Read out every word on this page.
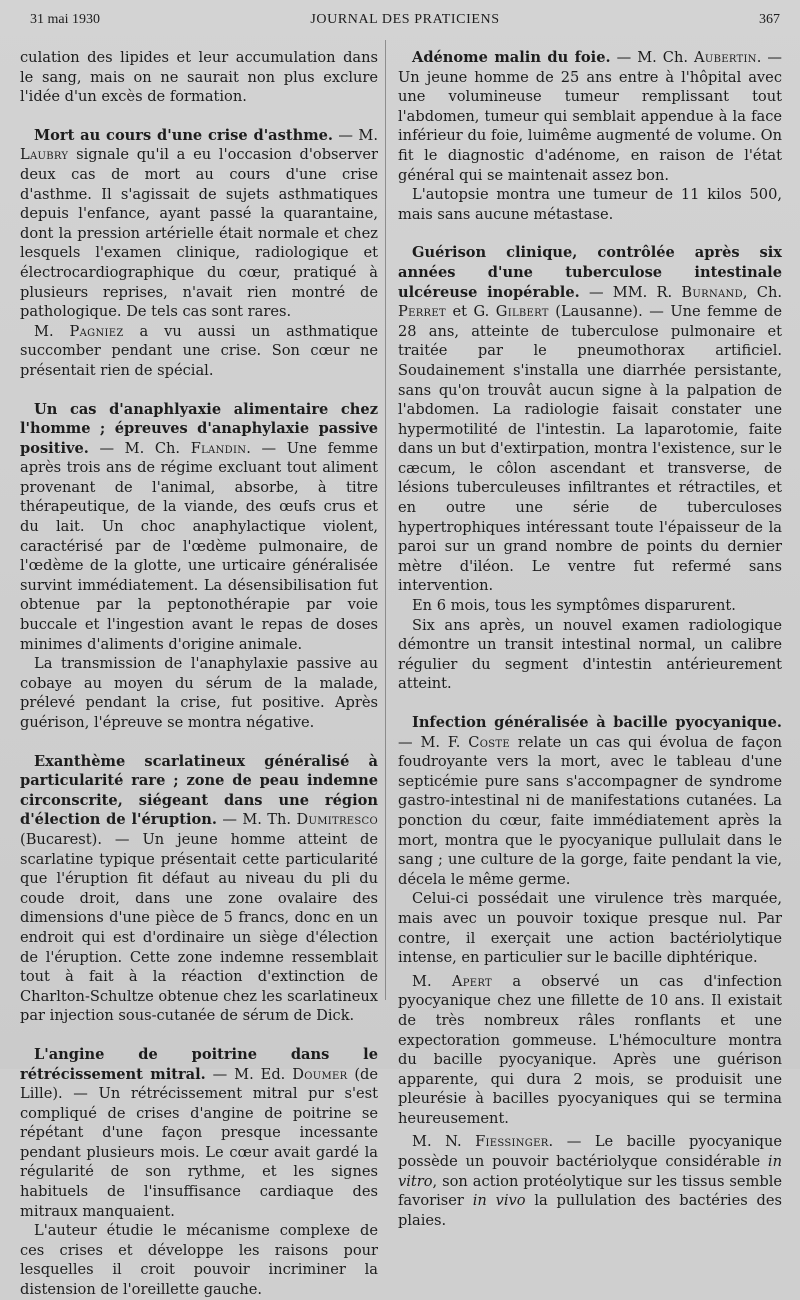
31 mai 1930	JOURNAL DES PRATICIENS	367

culation des lipides et leur accumulation dans le sang, mais on ne saurait non plus exclure l'idée d'un excès de formation.

Mort au cours d'une crise d'asthme. — M. Laubry signale qu'il a eu l'occasion d'observer deux cas de mort au cours d'une crise d'asthme. Il s'agissait de sujets asthmatiques depuis l'enfance, ayant passé la quarantaine, dont la pression artérielle était normale et chez lesquels l'examen clinique, radiologique et électrocardiographique du cœur, pratiqué à plusieurs reprises, n'avait rien montré de pathologique. De tels cas sont rares.

M. Pagniez a vu aussi un asthmatique succomber pendant une crise. Son cœur ne présentait rien de spécial.

Un cas d'anaphlyaxie alimentaire chez l'homme ; épreuves d'anaphylaxie passive positive. — M. Ch. Flandin. — Une femme après trois ans de régime excluant tout aliment provenant de l'animal, absorbe, à titre thérapeutique, de la viande, des œufs crus et du lait. Un choc anaphylactique violent, caractérisé par de l'œdème pulmonaire, de l'œdème de la glotte, une urticaire généralisée survint immédiatement. La désensibilisation fut obtenue par la peptonothérapie par voie buccale et l'ingestion avant le repas de doses minimes d'aliments d'origine animale.

La transmission de l'anaphylaxie passive au cobaye au moyen du sérum de la malade, prélevé pendant la crise, fut positive. Après guérison, l'épreuve se montra négative.

Exanthème scarlatineux généralisé à particularité rare ; zone de peau indemne circonscrite, siégeant dans une région d'élection de l'éruption. — M. Th. Dumitresco (Bucarest). — Un jeune homme atteint de scarlatine typique présentait cette particularité que l'éruption fit défaut au niveau du pli du coude droit, dans une zone ovalaire des dimensions d'une pièce de 5 francs, donc en un endroit qui est d'ordinaire un siège d'élection de l'éruption. Cette zone indemne ressemblait tout à fait à la réaction d'extinction de Charlton-Schultze obtenue chez les scarlatineux par injection sous-cutanée de sérum de Dick.

L'angine de poitrine dans le rétrécissement mitral. — M. Ed. Doumer (de Lille). — Un rétrécissement mitral pur s'est compliqué de crises d'angine de poitrine se répétant d'une façon presque incessante pendant plusieurs mois. Le cœur avait gardé la régularité de son rythme, et les signes habituels de l'insuffisance cardiaque des mitraux manquaient.

L'auteur étudie le mécanisme complexe de ces crises et développe les raisons pour lesquelles il croit pouvoir incriminer la distension de l'oreillette gauche.

Adénome malin du foie. — M. Ch. Aubertin. — Un jeune homme de 25 ans entre à l'hôpital avec une volumineuse tumeur remplissant tout l'abdomen, tumeur qui semblait appendue à la face inférieur du foie, luimême augmenté de volume. On fit le diagnostic d'adénome, en raison de l'état général qui se maintenait assez bon.

L'autopsie montra une tumeur de 11 kilos 500, mais sans aucune métastase.

Guérison clinique, contrôlée après six années d'une tuberculose intestinale ulcéreuse inopérable. — MM. R. Burnand, Ch. Perret et G. Gilbert (Lausanne). — Une femme de 28 ans, atteinte de tuberculose pulmonaire et traitée par le pneumothorax artificiel. Soudainement s'installa une diarrhée persistante, sans qu'on trouvât aucun signe à la palpation de l'abdomen. La radiologie faisait constater une hypermotilité de l'intestin. La laparotomie, faite dans un but d'extirpation, montra l'existence, sur le cæcum, le côlon ascendant et transverse, de lésions tuberculeuses infiltrantes et rétractiles, et en outre une série de tuberculoses hypertrophiques intéressant toute l'épaisseur de la paroi sur un grand nombre de points du dernier mètre d'iléon. Le ventre fut refermé sans intervention.

En 6 mois, tous les symptômes disparurent.

Six ans après, un nouvel examen radiologique démontre un transit intestinal normal, un calibre régulier du segment d'intestin antérieurement atteint.

Infection généralisée à bacille pyocyanique. — M. F. Coste relate un cas qui évolua de façon foudroyante vers la mort, avec le tableau d'une septicémie pure sans s'accompagner de syndrome gastro-intestinal ni de manifestations cutanées. La ponction du cœur, faite immédiatement après la mort, montra que le pyocyanique pullulait dans le sang ; une culture de la gorge, faite pendant la vie, décela le même germe.

Celui-ci possédait une virulence très marquée, mais avec un pouvoir toxique presque nul. Par contre, il exerçait une action bactériolytique intense, en particulier sur le bacille diphtérique.

M. Apert a observé un cas d'infection pyocyanique chez une fillette de 10 ans. Il existait de très nombreux râles ronflants et une expectoration gommeuse. L'hémoculture montra du bacille pyocyanique. Après une guérison apparente, qui dura 2 mois, se produisit une pleurésie à bacilles pyocyaniques qui se termina heureusement.

M. N. Fiessinger. — Le bacille pyocyanique possède un pouvoir bactériolyque considérable in vitro, son action protéolytique sur les tissus semble favoriser in vivo la pullulation des bactéries des plaies.
